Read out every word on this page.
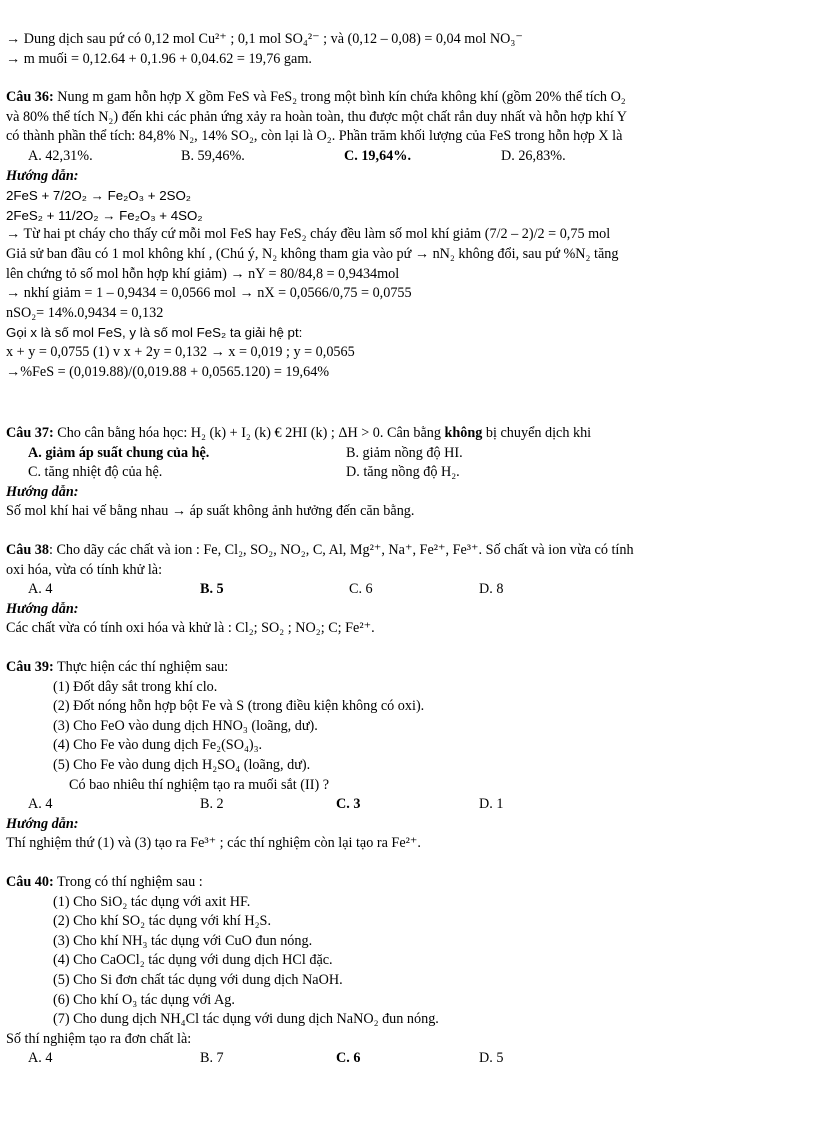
→ Dung dịch sau pứ có 0,12 mol Cu²⁺ ; 0,1 mol SO₄²⁻ ; và (0,12 – 0,08) = 0,04 mol NO₃⁻
→ m muối = 0,12.64 + 0,1.96 + 0,04.62 = 19,76 gam.
Câu 36: Nung m gam hỗn hợp X gồm FeS và FeS₂ trong một bình kín chứa không khí (gồm 20% thể tích O₂
và 80% thể tích N₂) đến khi các phản ứng xảy ra hoàn toàn, thu được một chất rắn duy nhất và hỗn hợp khí Y
có thành phần thể tích: 84,8% N₂, 14% SO₂, còn lại là O₂. Phần trăm khối lượng của FeS trong hỗn hợp X là
A. 42,31%.	B. 59,46%.	C. 19,64%.	D. 26,83%.
Hướng dẫn:
2FeS + 7/2O₂ → Fe₂O₃ + 2SO₂
2FeS₂ + 11/2O₂ → Fe₂O₃ + 4SO₂
→ Từ hai pt cháy cho thấy cứ mỗi mol FeS hay FeS₂ cháy đều làm số mol khí giảm (7/2 – 2)/2 = 0,75 mol
Giả sử ban đầu có 1 mol không khí , (Chú ý, N₂ không tham gia vào pứ → nN₂ không đổi, sau pứ %N₂ tăng
lên chứng tỏ số mol hỗn hợp khí giảm) → nY = 80/84,8 = 0,9434mol
→ nkhí giảm = 1 – 0,9434 = 0,0566 mol → nX = 0,0566/0,75 = 0,0755
nSO₂= 14%.0,9434 = 0,132
Gọi x là số mol FeS, y là số mol FeS₂ ta giải hệ pt:
x + y = 0,0755 (1) v x + 2y = 0,132 → x = 0,019 ; y = 0,0565
→%FeS = (0,019.88)/(0,019.88 + 0,0565.120) = 19,64%
Câu 37: Cho cân bằng hóa học: H₂ (k) + I₂ (k) € 2HI (k) ; ΔH > 0. Cân bằng không bị chuyển dịch khi
A. giảm áp suất chung của hệ.	B. giảm nồng độ HI.
C. tăng nhiệt độ của hệ.	D. tăng nồng độ H₂.
Hướng dẫn:
Số mol khí hai vế bằng nhau → áp suất không ảnh hưởng đến căn bằng.
Câu 38: Cho dãy các chất và ion : Fe, Cl₂, SO₂, NO₂, C, Al, Mg²⁺, Na⁺, Fe²⁺, Fe³⁺. Số chất và ion vừa có tính
oxi hóa, vừa có tính khử là:
A. 4	B. 5	C. 6	D. 8
Hướng dẫn:
Các chất vừa có tính oxi hóa và khử là : Cl₂; SO₂ ; NO₂; C; Fe²⁺.
Câu 39: Thực hiện các thí nghiệm sau:
(1) Đốt dây sắt trong khí clo.
(2) Đốt nóng hỗn hợp bột Fe và S (trong điều kiện không có oxi).
(3) Cho FeO vào dung dịch HNO₃ (loãng, dư).
(4) Cho Fe vào dung dịch Fe₂(SO₄)₃.
(5) Cho Fe vào dung dịch H₂SO₄ (loãng, dư).
Có bao nhiêu thí nghiệm tạo ra muối sắt (II) ?
A. 4	B. 2	C. 3	D. 1
Hướng dẫn:
Thí nghiệm thứ (1) và (3) tạo ra Fe³⁺ ; các thí nghiệm còn lại tạo ra Fe²⁺.
Câu 40: Trong có thí nghiệm sau :
(1) Cho SiO₂ tác dụng với axit HF.
(2) Cho khí SO₂ tác dụng với khí H₂S.
(3) Cho khí NH₃ tác dụng với CuO đun nóng.
(4) Cho CaOCl₂ tác dụng với dung dịch HCl đặc.
(5) Cho Si đơn chất tác dụng với dung dịch NaOH.
(6) Cho khí O₃ tác dụng với Ag.
(7) Cho dung dịch NH₄Cl tác dụng với dung dịch NaNO₂ đun nóng.
Số thí nghiệm tạo ra đơn chất là:
A. 4	B. 7	C. 6	D. 5
